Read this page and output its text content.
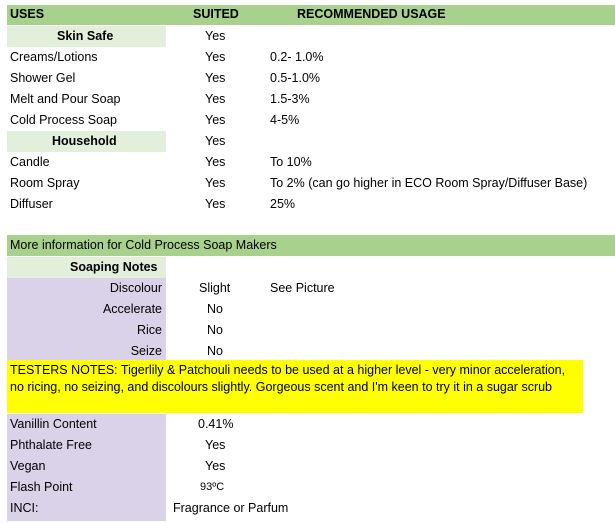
USES	SUITED	RECOMMENDED USAGE
Skin Safe	Yes
Creams/Lotions	Yes	0.2- 1.0%
Shower Gel	Yes	0.5-1.0%
Melt and Pour Soap	Yes	1.5-3%
Cold Process Soap	Yes	4-5%
Household	Yes
Candle	Yes	To 10%
Room Spray	Yes	To 2% (can go higher in ECO Room Spray/Diffuser Base)
Diffuser	Yes	25%
More information for Cold Process Soap Makers
Soaping Notes
Discolour	Slight	See Picture
Accelerate	No
Rice	No
Seize	No
TESTERS NOTES: Tigerlily & Patchouli needs to be used at a higher level - very minor acceleration, no ricing, no seizing, and discolours slightly. Gorgeous scent and I'm keen to try it in a sugar scrub
Vanillin Content	0.41%
Phthalate Free	Yes
Vegan	Yes
Flash Point	93ºC
INCI:	Fragrance or Parfum
